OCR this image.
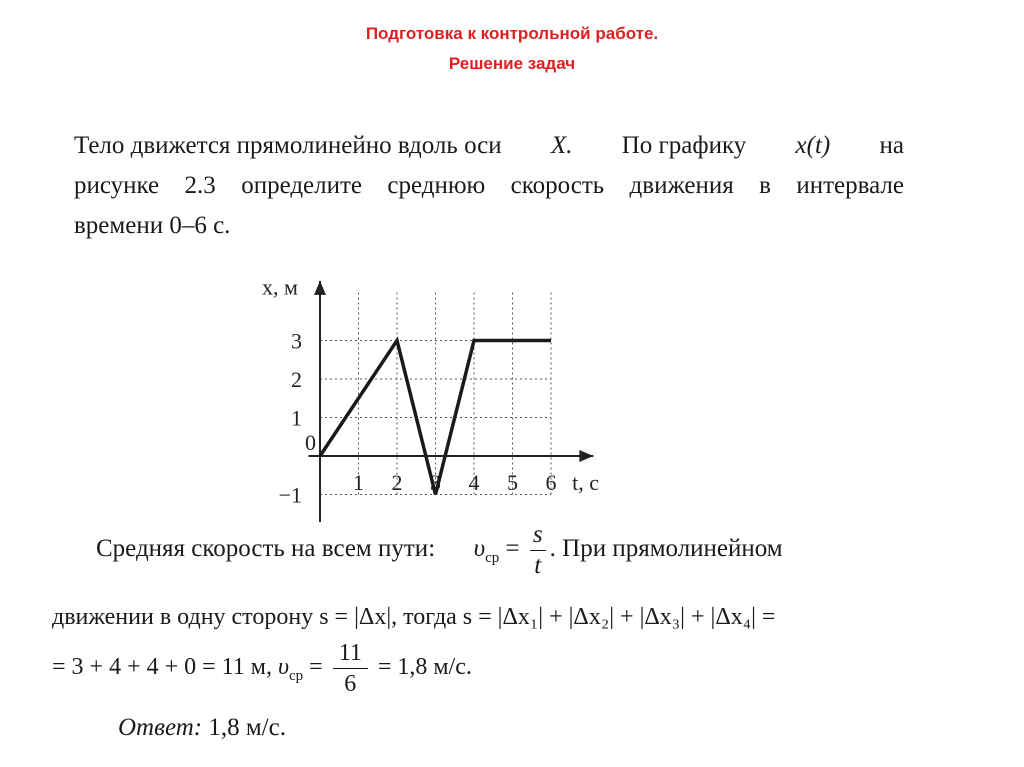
Подготовка к контрольной работе.
Решение задач
Тело движется прямолинейно вдоль оси X. По графику x(t) на
рисунке 2.3 определите среднюю скорость движения в интервале
времени 0–6 с.
x, м
t, с
1 2 3 4 5 6
3
2
1
0
−1
Средняя скорость на всем пути: $\upsilon_{ср} = \frac{s}{t}$ . При прямолинейном
движении в одну сторону s = |Δx|, тогда s = |Δx₁| + |Δx₂| + |Δx₃| + |Δx₄| =
= 3 + 4 + 4 + 0 = 11 м, $\upsilon_{ср} = \frac{11}{6} = 1,8$ м/с.
Ответ: 1,8 м/с.
